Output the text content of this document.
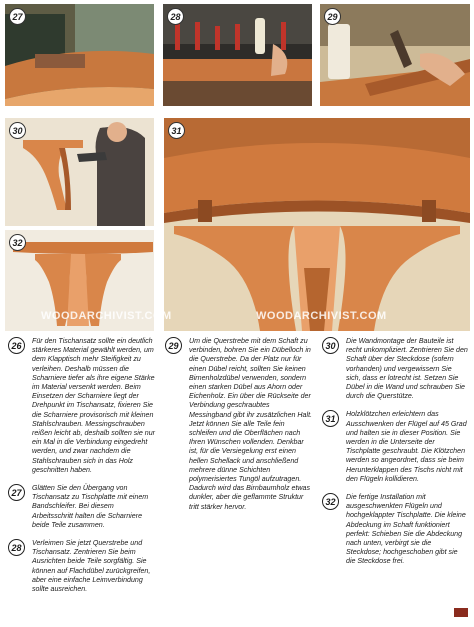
27	28	29
30	31
WOODARCHIVIST.COM
32
WOODARCHIVIST.COM
26	Für den Tischansatz sollte ein deutlich stärkeres Material gewählt werden, um dem Klapptisch mehr Steifigkeit zu verleihen. Deshalb müssen die Scharniere tiefer als ihre eigene Stärke im Material versenkt werden. Beim Einsetzen der Scharniere liegt der Drehpunkt im Tischansatz, fixieren Sie die Scharniere provisorisch mit kleinen Stahlschrauben. Messingschrauben reißen leicht ab, deshalb sollten sie nur ein Mal in die Verbindung eingedreht werden, und zwar nachdem die Stahlschrauben sich in das Holz geschnitten haben.
27	Glätten Sie den Übergang von Tischansatz zu Tischplatte mit einem Bandschleifer. Bei diesem Arbeitsschritt halten die Scharniere beide Teile zusammen.
28	Verleimen Sie jetzt Querstrebe und Tischansatz. Zentrieren Sie beim Ausrichten beide Teile sorgfältig. Sie können auf Flachdübel zurückgreifen, aber eine einfache Leimverbindung sollte ausreichen.
29	Um die Querstrebe mit dem Schaft zu verbinden, bohren Sie ein Dübelloch in die Querstrebe. Da der Platz nur für einen Dübel reicht, sollten Sie keinen Birnenholzdübel verwenden, sondern einen starken Dübel aus Ahorn oder Eichenholz. Ein über die Rückseite der Verbindung geschraubtes Messingband gibt ihr zusätzlichen Halt. Jetzt können Sie alle Teile fein schleifen und die Oberflächen nach Ihren Wünschen vollenden. Denkbar ist, für die Versiegelung erst einen hellen Schellack und anschließend mehrere dünne Schichten polymerisiertes Tungöl aufzutragen. Dadurch wird das Birnbaumholz etwas dunkler, aber die geflammte Struktur tritt stärker hervor.
30	Die Wandmontage der Bauteile ist recht unkompliziert. Zentrieren Sie den Schaft über der Steckdose (sofern vorhanden) und vergewissern Sie sich, dass er lotrecht ist. Setzen Sie Dübel in die Wand und schrauben Sie durch die Querstütze.
31	Holzklötzchen erleichtern das Ausschwenken der Flügel auf 45 Grad und halten sie in dieser Position. Sie werden in die Unterseite der Tischplatte geschraubt. Die Klötzchen werden so angeordnet, dass sie beim Herunterklappen des Tischs nicht mit den Flügeln kollidieren.
32	Die fertige Installation mit ausgeschwenkten Flügeln und hochgeklappter Tischplatte. Die kleine Abdeckung im Schaft funktioniert perfekt: Schieben Sie die Abdeckung nach unten, verbirgt sie die Steckdose; hochgeschoben gibt sie die Steckdose frei.
